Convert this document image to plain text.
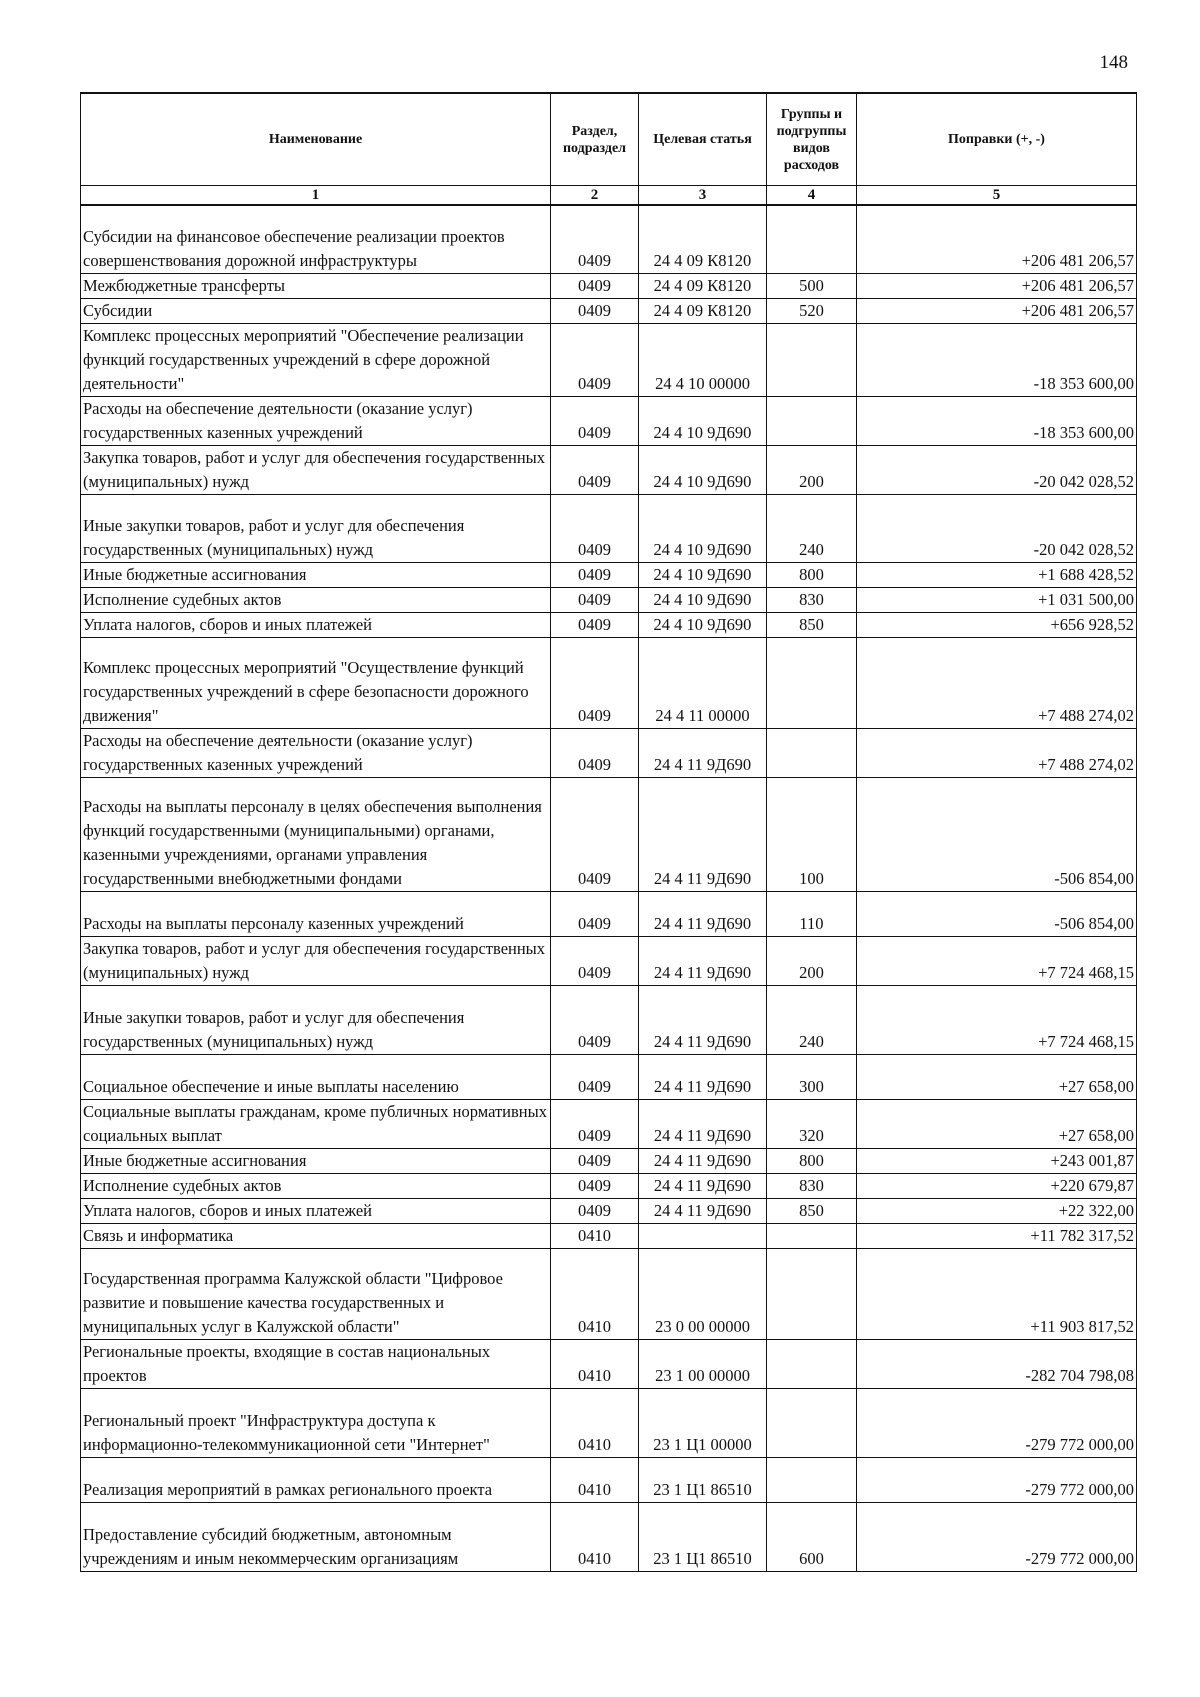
148
Наименование	Раздел, подраздел	Целевая статья	Группы и подгруппы видов расходов	Поправки (+, -)
1	2	3	4	5
Субсидии на финансовое обеспечение реализации проектов совершенствования дорожной инфраструктуры	0409	24 4 09 К8120		+206 481 206,57
Межбюджетные трансферты	0409	24 4 09 К8120	500	+206 481 206,57
Субсидии	0409	24 4 09 К8120	520	+206 481 206,57
Комплекс процессных мероприятий "Обеспечение реализации функций государственных учреждений в сфере дорожной деятельности"	0409	24 4 10 00000		-18 353 600,00
Расходы на обеспечение деятельности (оказание услуг) государственных казенных учреждений	0409	24 4 10 9Д690		-18 353 600,00
Закупка товаров, работ и услуг для обеспечения государственных (муниципальных) нужд	0409	24 4 10 9Д690	200	-20 042 028,52
Иные закупки товаров, работ и услуг для обеспечения государственных (муниципальных) нужд	0409	24 4 10 9Д690	240	-20 042 028,52
Иные бюджетные ассигнования	0409	24 4 10 9Д690	800	+1 688 428,52
Исполнение судебных актов	0409	24 4 10 9Д690	830	+1 031 500,00
Уплата налогов, сборов и иных платежей	0409	24 4 10 9Д690	850	+656 928,52
Комплекс процессных мероприятий "Осуществление функций государственных учреждений в сфере безопасности дорожного движения"	0409	24 4 11 00000		+7 488 274,02
Расходы на обеспечение деятельности (оказание услуг) государственных казенных учреждений	0409	24 4 11 9Д690		+7 488 274,02
Расходы на выплаты персоналу в целях обеспечения выполнения функций государственными (муниципальными) органами, казенными учреждениями, органами управления государственными внебюджетными фондами	0409	24 4 11 9Д690	100	-506 854,00
Расходы на выплаты персоналу казенных учреждений	0409	24 4 11 9Д690	110	-506 854,00
Закупка товаров, работ и услуг для обеспечения государственных (муниципальных) нужд	0409	24 4 11 9Д690	200	+7 724 468,15
Иные закупки товаров, работ и услуг для обеспечения государственных (муниципальных) нужд	0409	24 4 11 9Д690	240	+7 724 468,15
Социальное обеспечение и иные выплаты населению	0409	24 4 11 9Д690	300	+27 658,00
Социальные выплаты гражданам, кроме публичных нормативных социальных выплат	0409	24 4 11 9Д690	320	+27 658,00
Иные бюджетные ассигнования	0409	24 4 11 9Д690	800	+243 001,87
Исполнение судебных актов	0409	24 4 11 9Д690	830	+220 679,87
Уплата налогов, сборов и иных платежей	0409	24 4 11 9Д690	850	+22 322,00
Связь и информатика	0410			+11 782 317,52
Государственная программа Калужской области "Цифровое развитие и повышение качества государственных и муниципальных услуг в Калужской области"	0410	23 0 00 00000		+11 903 817,52
Региональные проекты, входящие в состав национальных проектов	0410	23 1 00 00000		-282 704 798,08
Региональный проект "Инфраструктура доступа к информационно-телекоммуникационной сети "Интернет"	0410	23 1 Ц1 00000		-279 772 000,00
Реализация мероприятий в рамках регионального проекта	0410	23 1 Ц1 86510		-279 772 000,00
Предоставление субсидий бюджетным, автономным учреждениям и иным некоммерческим организациям	0410	23 1 Ц1 86510	600	-279 772 000,00
